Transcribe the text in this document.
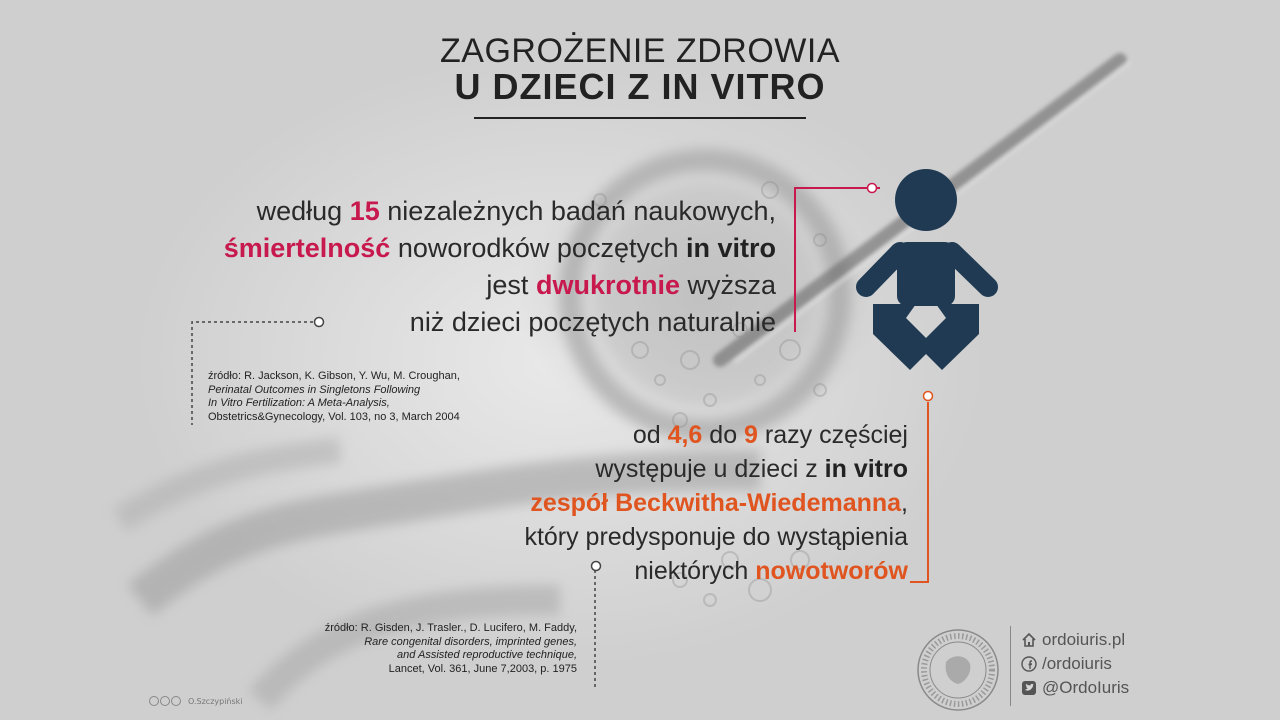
ZAGROŻENIE ZDROWIA
U DZIECI Z IN VITRO
według 15 niezależnych badań naukowych,
śmiertelność noworodków poczętych in vitro
jest dwukrotnie wyższa
niż dzieci poczętych naturalnie
źródło: R. Jackson, K. Gibson, Y. Wu, M. Croughan,
Perinatal Outcomes in Singletons Following
In Vitro Fertilization: A Meta-Analysis,
Obstetrics&Gynecology, Vol. 103, no 3, March 2004
od 4,6 do 9 razy częściej
występuje u dzieci z in vitro
zespół Beckwitha-Wiedemanna,
który predysponuje do wystąpienia
niektórych nowotworów
źródło: R. Gisden, J. Trasler., D. Lucifero, M. Faddy,
Rare congenital disorders, imprinted genes,
and Assisted reproductive technique,
Lancet, Vol. 361, June 7,2003, p. 1975
ordoiuris.pl
/ordoiuris
@OrdoIuris
O.Szczypiński
